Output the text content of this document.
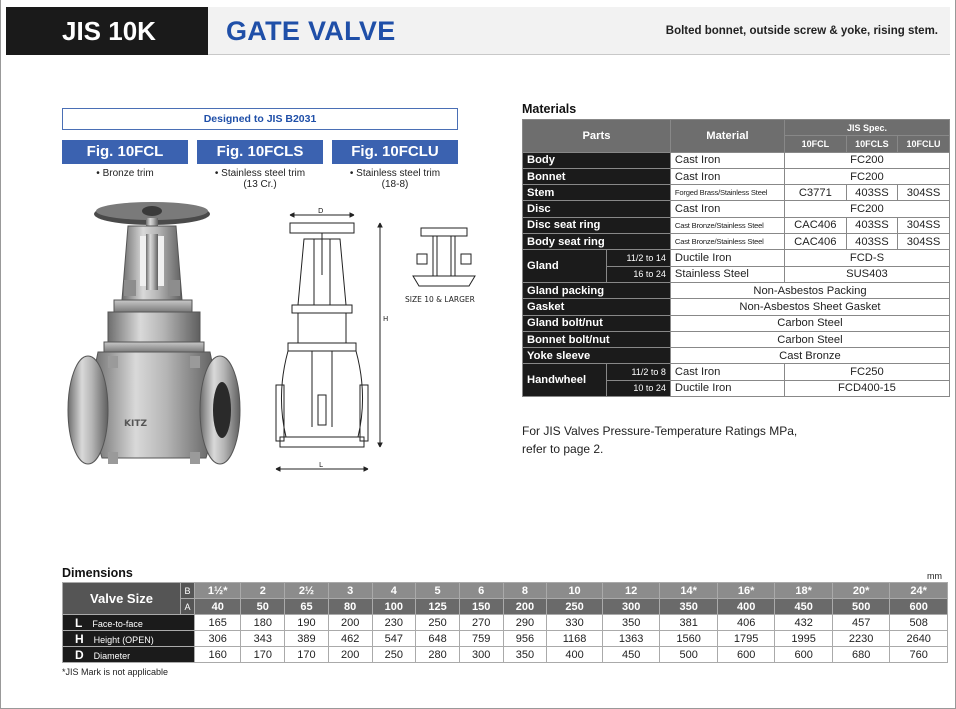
JIS 10K	GATE VALVE	Bolted bonnet, outside screw & yoke, rising stem.
Designed to JIS B2031
Fig. 10FCL	Fig. 10FCLS	Fig. 10FCLU
• Bronze trim	• Stainless steel trim
(13 Cr.)
• Stainless steel trim
(18-8)
KITZ
D
H
L
SIZE 10 & LARGER
Materials
Parts		Material	JIS Spec.		
			10FCL	10FCLS	10FCLU
Body		Cast Iron	FC200		
Bonnet		Cast Iron	FC200		
Stem		Forged Brass/Stainless Steel	C3771	403SS	304SS
Disc		Cast Iron	FC200		
Disc seat ring		Cast Bronze/Stainless Steel	CAC406	403SS	304SS
Body seat ring		Cast Bronze/Stainless Steel	CAC406	403SS	304SS
Gland	11/2 to 14	Ductile Iron	FCD-S		
	16 to 24	Stainless Steel	SUS403		
Gland packing		Non-Asbestos Packing			
Gasket		Non-Asbestos Sheet Gasket			
Gland bolt/nut		Carbon Steel			
Bonnet bolt/nut		Carbon Steel			
Yoke sleeve		Cast Bronze			
Handwheel	11/2 to 8	Cast Iron	FC250		
	10 to 24	Ductile Iron	FCD400-15		
For JIS Valves Pressure-Temperature Ratings MPa,
refer to page 2.
Dimensions	mm
Valve Size	B	1½*	2	2½	3	4	5	6	8	10	12	14*	16*	18*	20*	24*
	A	40	50	65	80	100	125	150	200	250	300	350	400	450	500	600
L Face-to-face		165	180	190	200	230	250	270	290	330	350	381	406	432	457	508
H Height (OPEN)		306	343	389	462	547	648	759	956	1168	1363	1560	1795	1995	2230	2640
D Diameter		160	170	170	200	250	280	300	350	400	450	500	600	600	680	760
*JIS Mark is not applicable
